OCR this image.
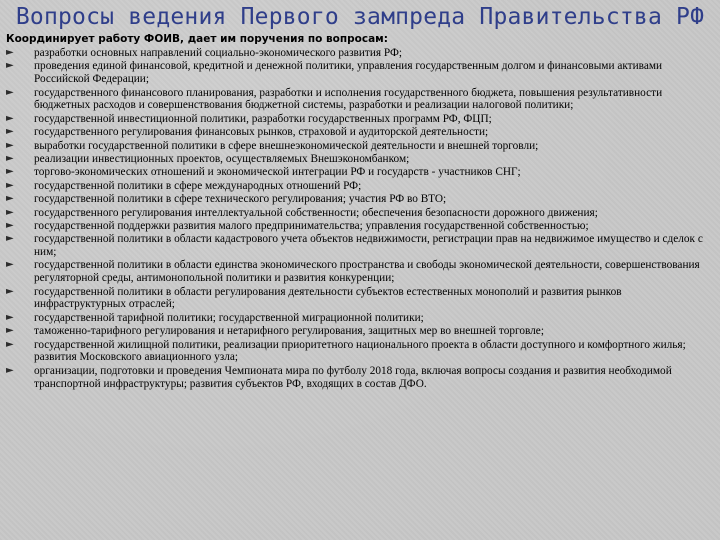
Вопросы ведения Первого зампреда Правительства РФ
Координирует работу ФОИВ, дает им поручения по вопросам:
► разработки основных направлений социально-экономического развития РФ;
► проведения единой финансовой, кредитной и денежной политики, управления государственным долгом и финансовыми активами Российской Федерации;
► государственного финансового планирования, разработки и исполнения государственного бюджета, повышения результативности бюджетных расходов и совершенствования бюджетной системы, разработки и реализации налоговой политики;
► государственной инвестиционной политики, разработки государственных программ РФ, ФЦП;
► государственного регулирования финансовых рынков, страховой и аудиторской деятельности;
► выработки государственной политики в сфере внешнеэкономической деятельности и внешней торговли;
► реализации инвестиционных проектов, осуществляемых Внешэкономбанком;
► торгово-экономических отношений и экономической интеграции РФ и государств - участников СНГ;
► государственной политики в сфере международных отношений РФ;
► государственной политики в сфере технического регулирования; участия РФ во ВТО;
► государственного регулирования интеллектуальной собственности; обеспечения безопасности дорожного движения;
► государственной поддержки развития малого предпринимательства; управления государственной собственностью;
► государственной политики в области кадастрового учета объектов недвижимости, регистрации прав на недвижимое имущество и сделок с ним;
► государственной политики в области единства экономического пространства и свободы экономической деятельности, совершенствования регуляторной среды, антимонопольной политики и развития конкуренции;
► государственной политики в области регулирования деятельности субъектов естественных монополий и развития рынков инфраструктурных отраслей;
► государственной тарифной политики; государственной миграционной политики;
► таможенно-тарифного регулирования и нетарифного регулирования, защитных мер во внешней торговле;
► государственной жилищной политики, реализации приоритетного национального проекта в области доступного и комфортного жилья; развития Московского авиационного узла;
► организации, подготовки и проведения Чемпионата мира по футболу 2018 года, включая вопросы создания и развития необходимой транспортной инфраструктуры; развития субъектов РФ, входящих в состав ДФО.
